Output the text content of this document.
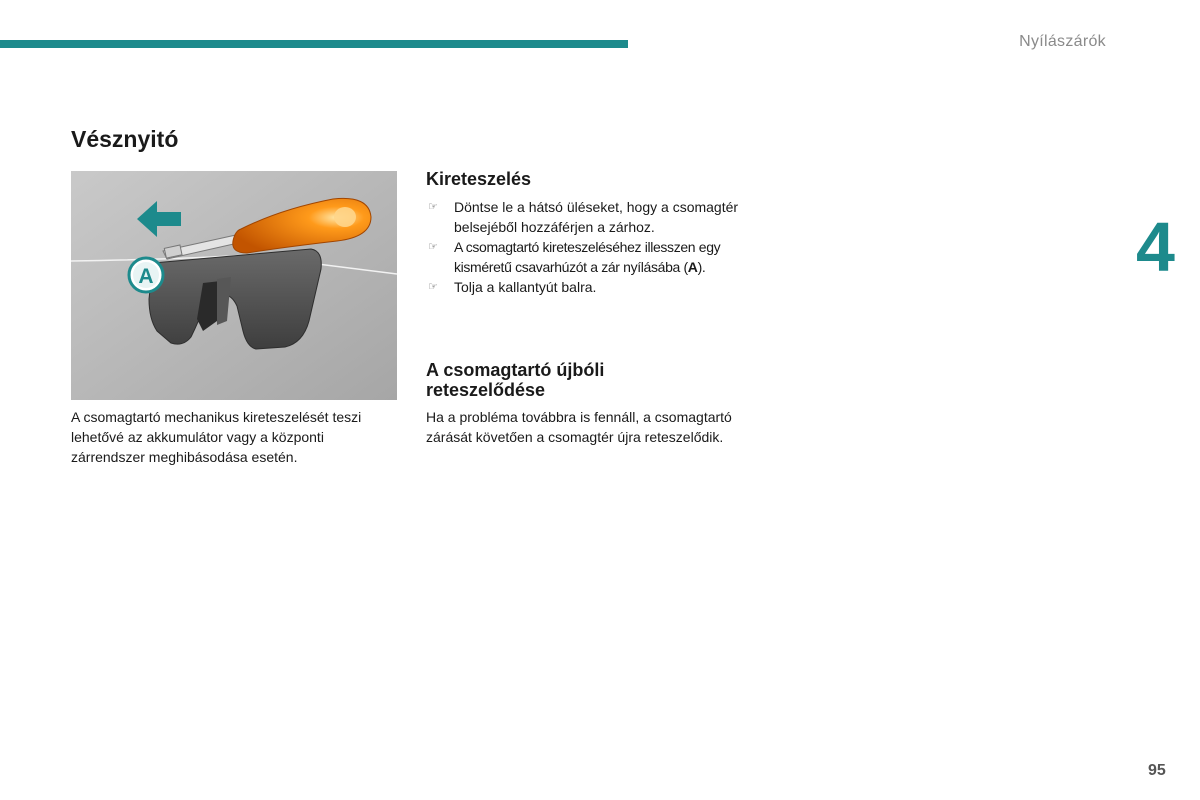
Nyílászárók
4
Vésznyitó
A

A csomagtartó mechanikus kireteszelését teszi lehetővé az akkumulátor vagy a központi zárrendszer meghibásodása esetén.

Kireteszelés
☞ Döntse le a hátsó üléseket, hogy a csomagtér belsejéből hozzáférjen a zárhoz.
☞ A csomagtartó kireteszeléséhez illesszen egy kisméretű csavarhúzót a zár nyílásába (A).
☞ Tolja a kallantyút balra.
A csomagtartó újbóli reteszelődése

Ha a probléma továbbra is fennáll, a csomagtartó zárását követően a csomagtér újra reteszelődik.

95
